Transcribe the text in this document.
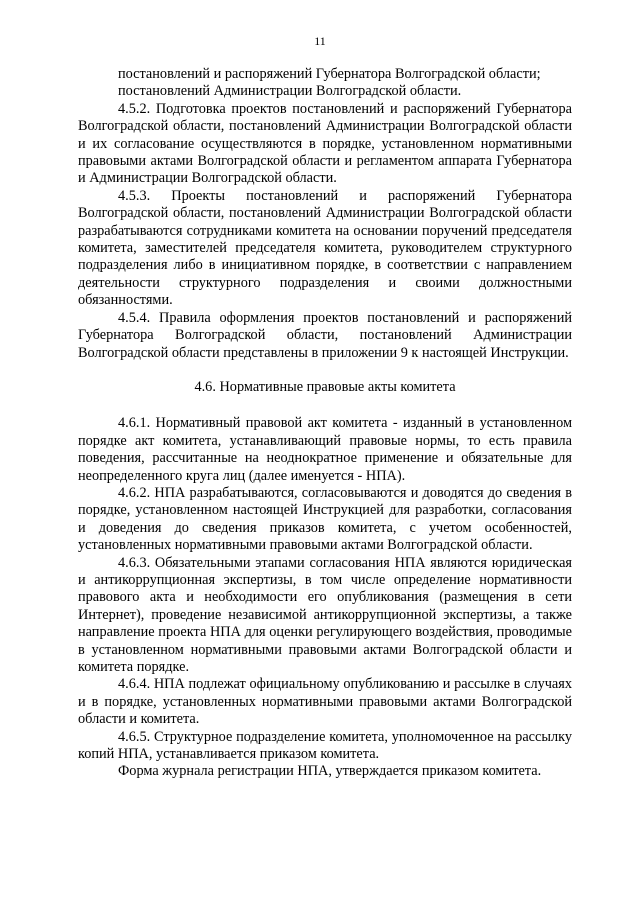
11

постановлений и распоряжений Губернатора Волгоградской области;

постановлений Администрации Волгоградской области.

4.5.2. Подготовка проектов постановлений и распоряжений Губернатора Волгоградской области, постановлений Администрации Волгоградской области и их согласование осуществляются в порядке, установленном нормативными правовыми актами Волгоградской области и регламентом аппарата Губернатора и Администрации Волгоградской области.

4.5.3. Проекты постановлений и распоряжений Губернатора Волгоградской области, постановлений Администрации Волгоградской области разрабатываются сотрудниками комитета на основании поручений председателя комитета, заместителей председателя комитета, руководителем структурного подразделения либо в инициативном порядке, в соответствии с направлением деятельности структурного подразделения и своими должностными обязанностями.

4.5.4. Правила оформления проектов постановлений и распоряжений Губернатора Волгоградской области, постановлений Администрации Волгоградской области представлены в приложении 9 к настоящей Инструкции.

4.6. Нормативные правовые акты комитета

4.6.1. Нормативный правовой акт комитета - изданный в установленном порядке акт комитета, устанавливающий правовые нормы, то есть правила поведения, рассчитанные на неоднократное применение и обязательные для неопределенного круга лиц (далее именуется - НПА).

4.6.2. НПА разрабатываются, согласовываются и доводятся до сведения в порядке, установленном настоящей Инструкцией для разработки, согласования и доведения до сведения приказов комитета, с учетом особенностей, установленных нормативными правовыми актами Волгоградской области.

4.6.3. Обязательными этапами согласования НПА являются юридическая и антикоррупционная экспертизы, в том числе определение нормативности правового акта и необходимости его опубликования (размещения в сети Интернет), проведение независимой антикоррупционной экспертизы, а также направление проекта НПА для оценки регулирующего воздействия, проводимые в установленном нормативными правовыми актами Волгоградской области и комитета порядке.

4.6.4. НПА подлежат официальному опубликованию и рассылке в случаях и в порядке, установленных нормативными правовыми актами Волгоградской области и комитета.

4.6.5. Структурное подразделение комитета, уполномоченное на рассылку копий НПА, устанавливается приказом комитета.

Форма журнала регистрации НПА, утверждается приказом комитета.
